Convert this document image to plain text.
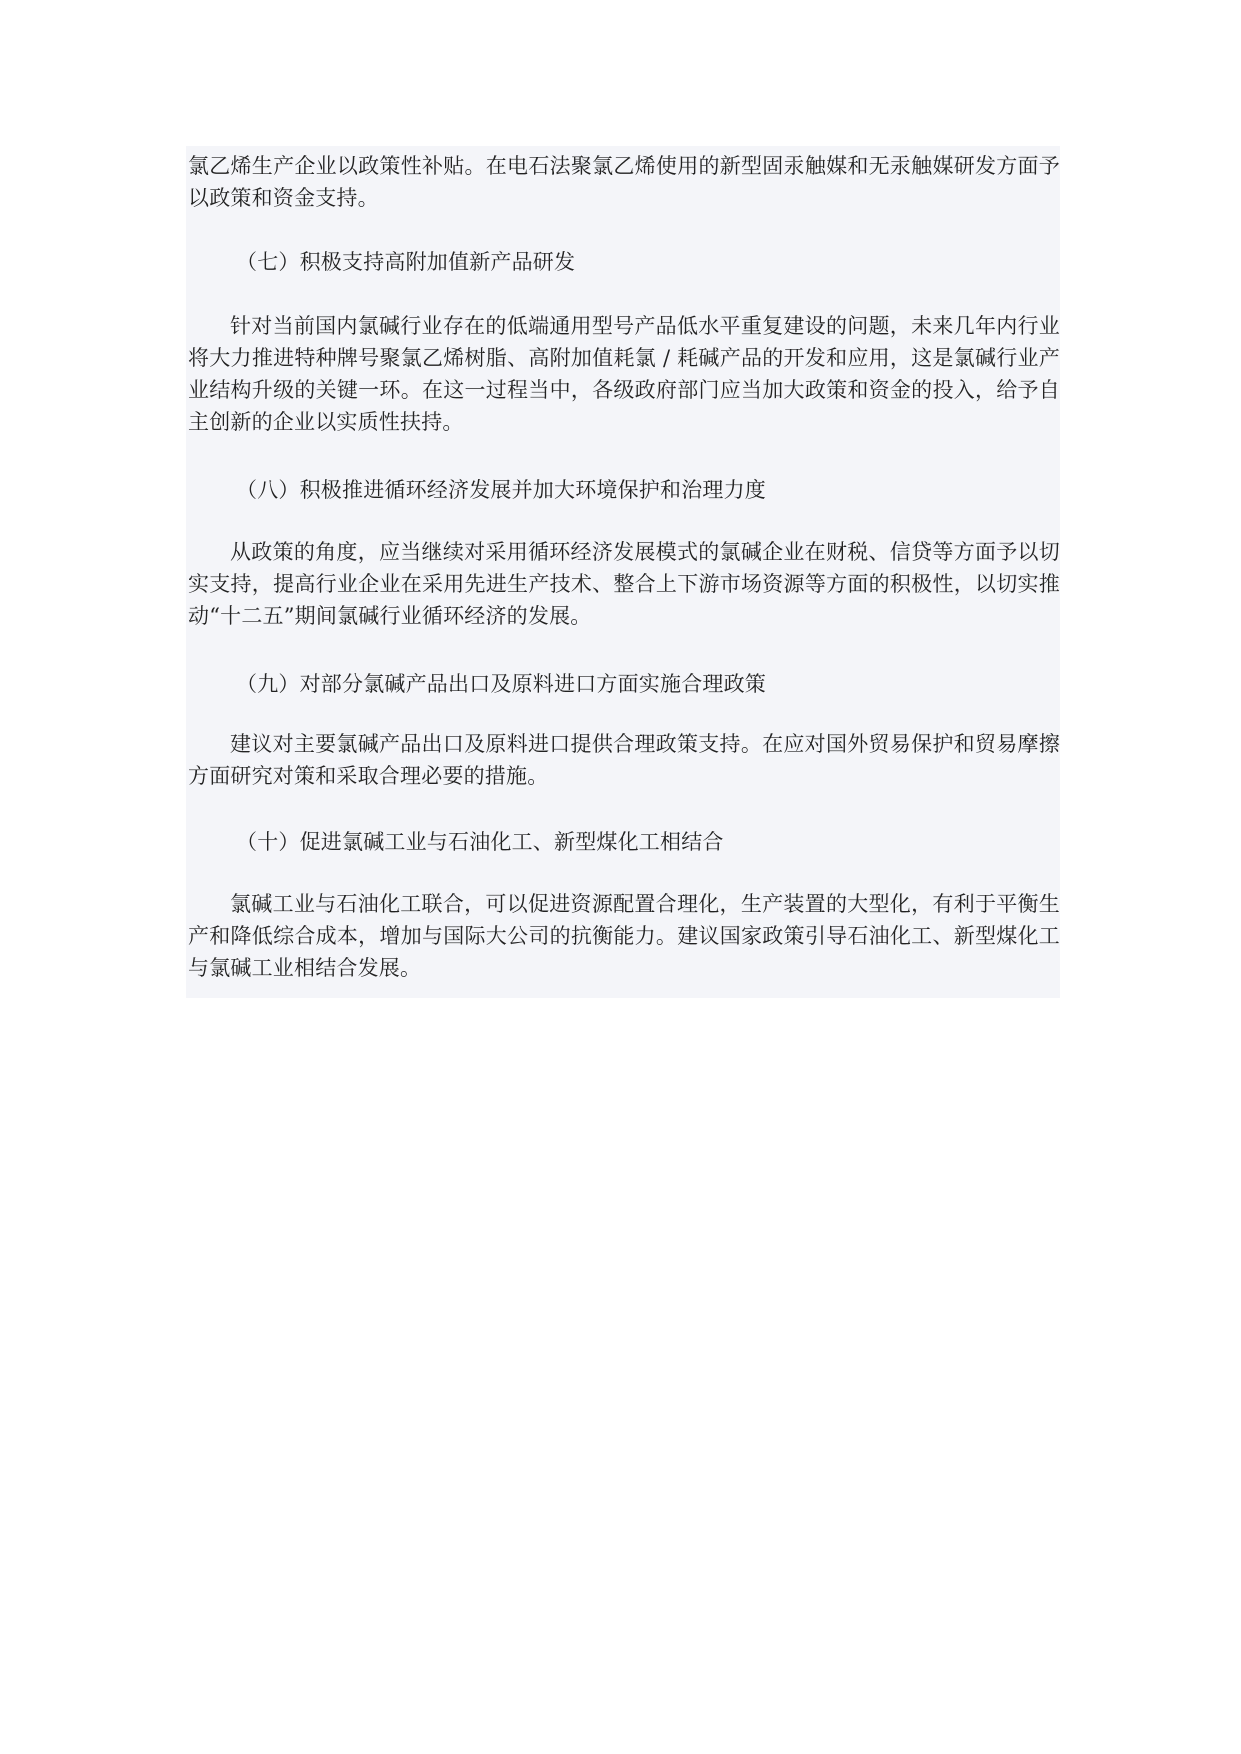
氯乙烯生产企业以政策性补贴。在电石法聚氯乙烯使用的新型固汞触媒和无汞触媒研发方面予以政策和资金支持。

（七）积极支持高附加值新产品研发

针对当前国内氯碱行业存在的低端通用型号产品低水平重复建设的问题，未来几年内行业将大力推进特种牌号聚氯乙烯树脂、高附加值耗氯 / 耗碱产品的开发和应用，这是氯碱行业产业结构升级的关键一环。在这一过程当中，各级政府部门应当加大政策和资金的投入，给予自主创新的企业以实质性扶持。

（八）积极推进循环经济发展并加大环境保护和治理力度

从政策的角度，应当继续对采用循环经济发展模式的氯碱企业在财税、信贷等方面予以切实支持，提高行业企业在采用先进生产技术、整合上下游市场资源等方面的积极性，以切实推动“十二五”期间氯碱行业循环经济的发展。

（九）对部分氯碱产品出口及原料进口方面实施合理政策

建议对主要氯碱产品出口及原料进口提供合理政策支持。在应对国外贸易保护和贸易摩擦方面研究对策和采取合理必要的措施。

（十）促进氯碱工业与石油化工、新型煤化工相结合

氯碱工业与石油化工联合，可以促进资源配置合理化，生产装置的大型化，有利于平衡生产和降低综合成本，增加与国际大公司的抗衡能力。建议国家政策引导石油化工、新型煤化工与氯碱工业相结合发展。
